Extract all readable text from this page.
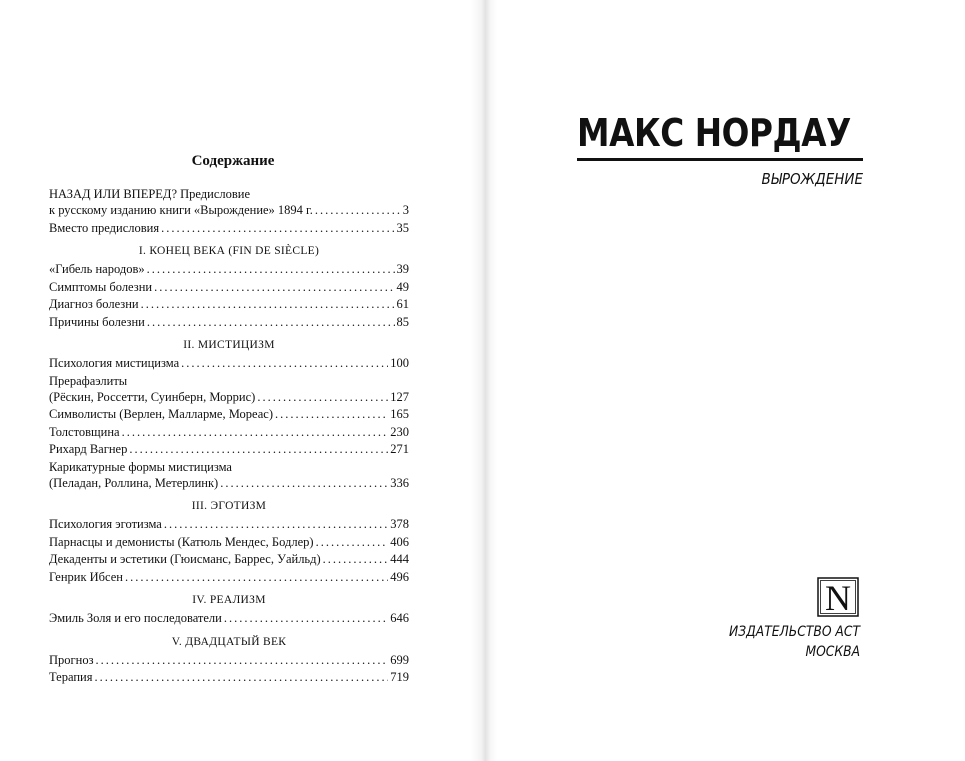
Содержание
НАЗАД ИЛИ ВПЕРЕД? Предисловие
к русскому изданию книги «Вырождение» 1894 г. .....	3
Вместо предисловия .....	35
I. КОНЕЦ ВЕКА (FIN DE SIÈCLE)
«Гибель народов» .....	39
Симптомы болезни .....	49
Диагноз болезни .....	61
Причины болезни .....	85
II. МИСТИЦИЗМ
Психология мистицизма .....	100
Прерафаэлиты
(Рёскин, Россетти, Суинберн, Моррис) .....	127
Символисты (Верлен, Малларме, Мореас) .....	165
Толстовщина .....	230
Рихард Вагнер .....	271
Карикатурные формы мистицизма
(Пеладан, Роллина, Метерлинк) .....	336
III. ЭГОТИЗМ
Психология эготизма .....	378
Парнасцы и демонисты (Катюль Мендес, Бодлер) .....	406
Декаденты и эстетики (Гюисманс, Баррес, Уайльд) .....	444
Генрик Ибсен .....	496
IV. РЕАЛИЗМ
Эмиль Золя и его последователи .....	646
V. ДВАДЦАТЫЙ ВЕК
Прогноз .....	699
Терапия .....	719
МАКС НОРДАУ
ВЫРОЖДЕНИЕ
N
ИЗДАТЕЛЬСТВО АСТ
МОСКВА
